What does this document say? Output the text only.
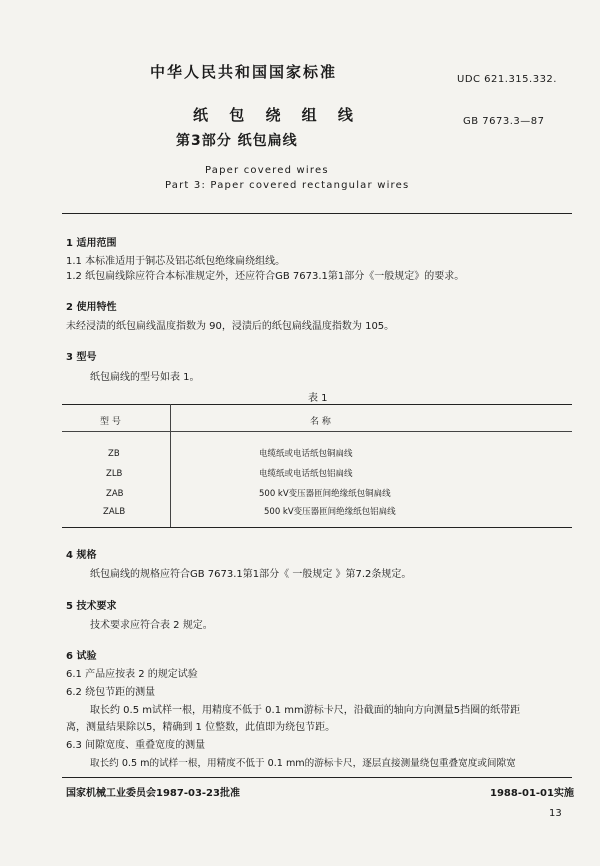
中华人民共和国国家标准	UDC 621.315.332.
纸 包 绕 组 线
第3部分 纸包扁线
GB 7673.3—87
Paper covered wires
Part 3: Paper covered rectangular wires
1 适用范围
1.1 本标准适用于铜芯及铝芯纸包绝缘扁绕组线。
1.2 纸包扁线除应符合本标准规定外，还应符合GB 7673.1第1部分《一般规定》的要求。
2 使用特性
未经浸渍的纸包扁线温度指数为 90，浸渍后的纸包扁线温度指数为 105。
3 型号
纸包扁线的型号如表 1。
表 1
型 号	名 称
ZB	电缆纸或电话纸包铜扁线
ZLB	电缆纸或电话纸包铝扁线
ZAB	500 kV变压器匝间绝缘纸包铜扁线
ZALB	500 kV变压器匝间绝缘纸包铝扁线
4 规格
纸包扁线的规格应符合GB 7673.1第1部分《 一般规定 》第7.2条规定。
5 技术要求
技术要求应符合表 2 规定。
6 试验
6.1 产品应按表 2 的规定试验
6.2 绕包节距的测量
取长约 0.5 m试样一根，用精度不低于 0.1 mm游标卡尺，沿截面的轴向方向测量5挡圈的纸带距
离，测量结果除以5，精确到 1 位整数，此值即为绕包节距。
6.3 间隙宽度、重叠宽度的测量
取长约 0.5 m的试样一根，用精度不低于 0.1 mm的游标卡尺，逐层直接测量绕包重叠宽度或间隙宽
国家机械工业委员会1987-03-23批准	1988-01-01实施
13
